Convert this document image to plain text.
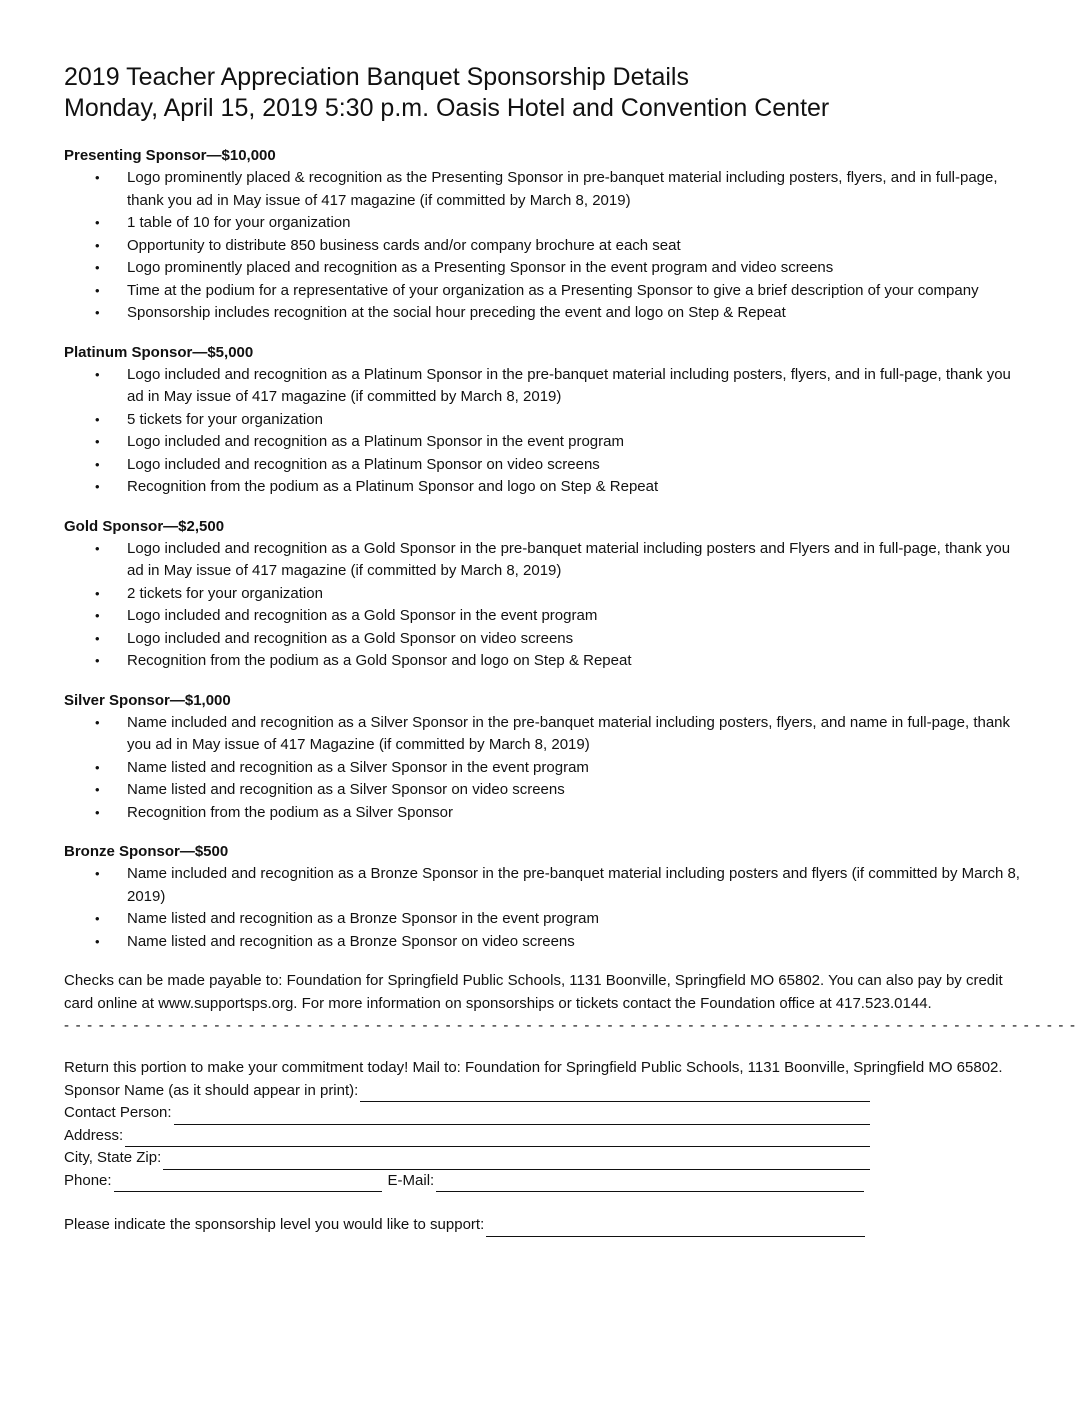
2019 Teacher Appreciation Banquet Sponsorship Details
Monday, April 15, 2019 5:30 p.m. Oasis Hotel and Convention Center

Presenting Sponsor—$10,000

• Logo prominently placed & recognition as the Presenting Sponsor in pre-banquet material including posters, flyers, and in full-page, thank you ad in May issue of 417 magazine (if committed by March 8, 2019)
• 1 table of 10 for your organization
• Opportunity to distribute 850 business cards and/or company brochure at each seat
• Logo prominently placed and recognition as a Presenting Sponsor in the event program and video screens
• Time at the podium for a representative of your organization as a Presenting Sponsor to give a brief description of your company
• Sponsorship includes recognition at the social hour preceding the event and logo on Step & Repeat

Platinum Sponsor—$5,000

• Logo included and recognition as a Platinum Sponsor in the pre-banquet material including posters, flyers, and in full-page, thank you ad in May issue of 417 magazine (if committed by March 8, 2019)
• 5 tickets for your organization
• Logo included and recognition as a Platinum Sponsor in the event program
• Logo included and recognition as a Platinum Sponsor on video screens
• Recognition from the podium as a Platinum Sponsor and logo on Step & Repeat

Gold Sponsor—$2,500

• Logo included and recognition as a Gold Sponsor in the pre-banquet material including posters and Flyers and in full-page, thank you ad in May issue of 417 magazine (if committed by March 8, 2019)
• 2 tickets for your organization
• Logo included and recognition as a Gold Sponsor in the event program
• Logo included and recognition as a Gold Sponsor on video screens
• Recognition from the podium as a Gold Sponsor and logo on Step & Repeat

Silver Sponsor—$1,000

• Name included and recognition as a Silver Sponsor in the pre-banquet material including posters, flyers, and name in full-page, thank you ad in May issue of 417 Magazine (if committed by March 8, 2019)
• Name listed and recognition as a Silver Sponsor in the event program
• Name listed and recognition as a Silver Sponsor on video screens
• Recognition from the podium as a Silver Sponsor

Bronze Sponsor—$500

• Name included and recognition as a Bronze Sponsor in the pre-banquet material including posters and flyers (if committed by March 8, 2019)
• Name listed and recognition as a Bronze Sponsor in the event program
• Name listed and recognition as a Bronze Sponsor on video screens
Checks can be made payable to: Foundation for Springfield Public Schools, 1131 Boonville, Springfield MO 65802. You can also pay by credit card online at www.supportsps.org. For more information on sponsorships or tickets contact the Foundation office at 417.523.0144.
- - - - - - - - - - - - - - - - - - - - - - - - - - - - - - - - - - - - - - - - - - - - - - - - - - - - - - - - - - - - - - - - - - - - - - - - - - - - - - - - - - - - - - - -
Return this portion to make your commitment today! Mail to: Foundation for Springfield Public Schools, 1131 Boonville, Springfield MO 65802.
Sponsor Name (as it should appear in print):
Contact Person:
Address:
City, State Zip:
Phone:	E-Mail:
Please indicate the sponsorship level you would like to support:
